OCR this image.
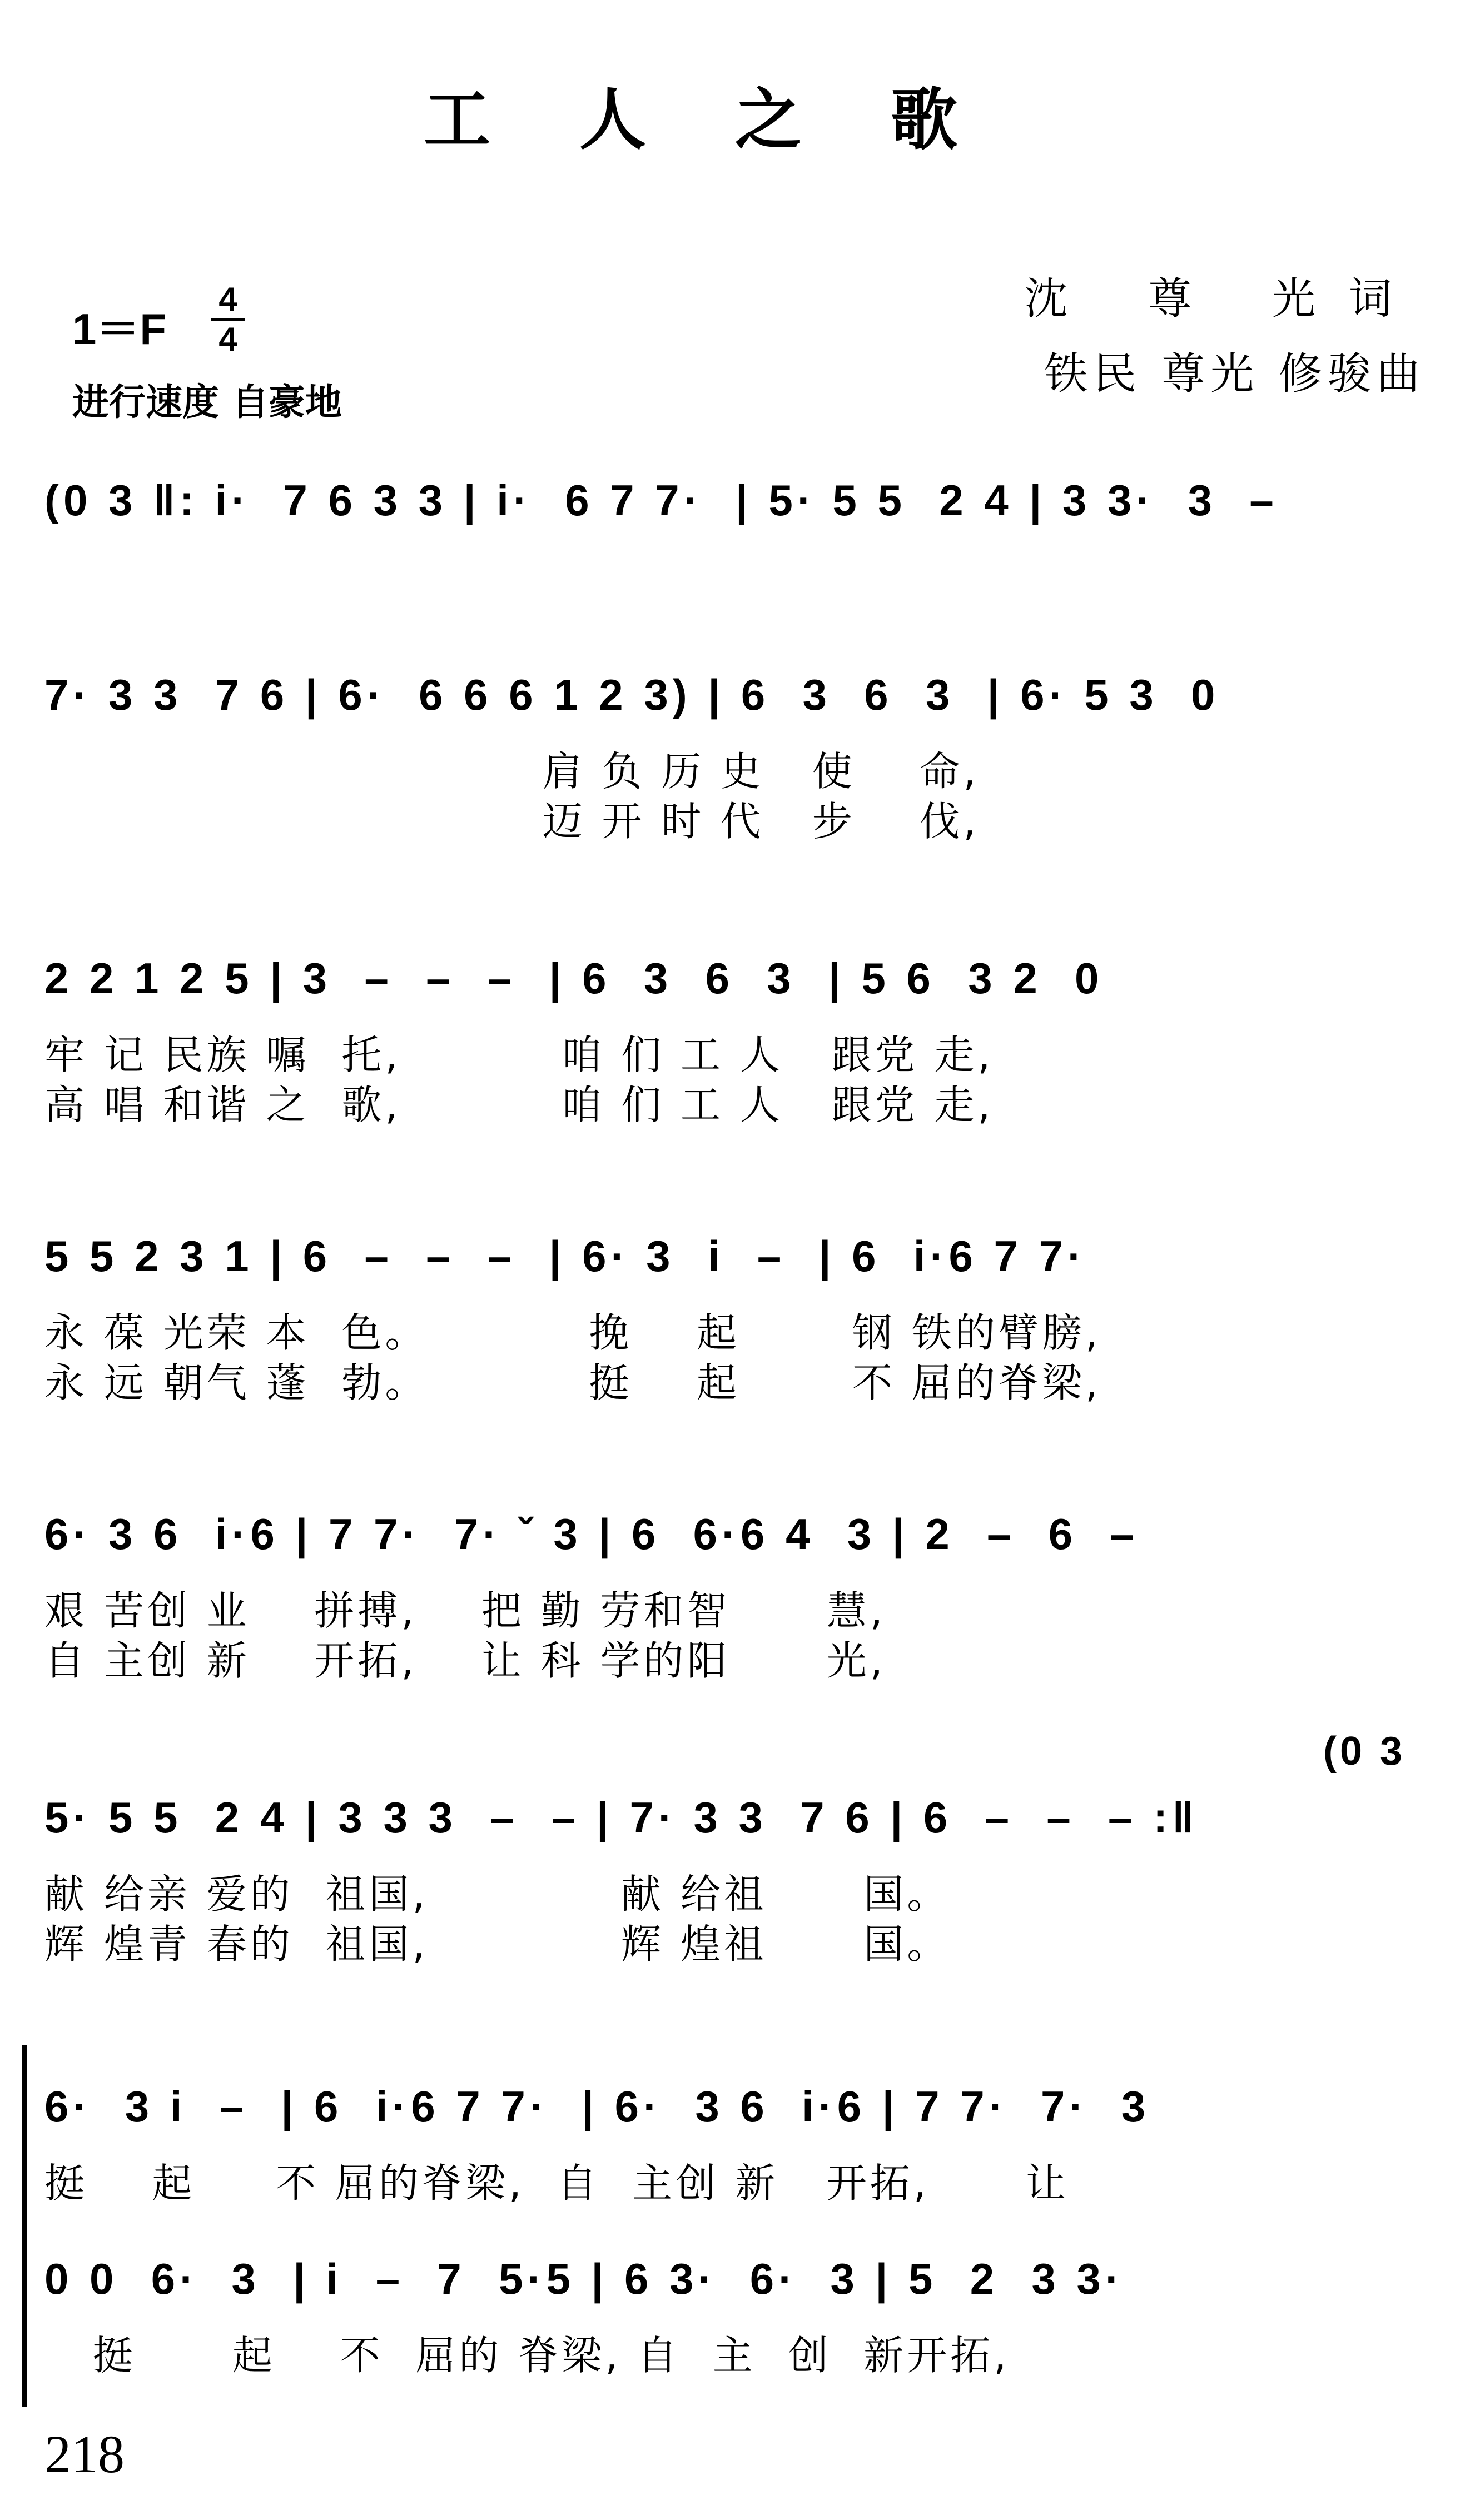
工人之歌
1＝F
4
4
进行速度 自豪地
沈 尊 光词
铁民 尊光 修骏曲
(0 3 ‖: i·  7 6 3 3 | i·  6 7 7·  | 5· 5 5  2 4 | 3 3·  3  –
7· 3 3  7 6 | 6·  6 6 6 1 2 3) | 6  3  6  3  | 6· 5 3  0
肩 负 历 史   使    命,
迈 开 时 代   步    伐,
2 2 1 2 5 | 3  –  –  –  | 6  3  6  3  | 5 6  3 2  0
牢 记 民族 嘱  托,          咱 们 工 人   跟党 走,
高 唱 和谐 之  歌,          咱 们 工 人   跟党 走,
5 5 2 3 1 | 6  –  –  –  | 6· 3  i  –  | 6  i·6 7 7·
永 葆 光荣 本  色。          挽    起       钢 铁的臂膀,
永 远 朝气 蓬  勃。          挺    起       不 屈的脊梁,
6· 3 6  i·6 | 7 7·  7· ˇ 3 | 6  6·6 4  3 | 2  –  6  –
艰 苦创 业    拼搏,    把 勤 劳和智      慧,
自 主创 新    开拓,    让 科 学的阳      光,
(0 3
5· 5 5  2 4 | 3 3 3  –  – | 7· 3 3  7 6 | 6  –  –  – :‖
献 给亲 爱的  祖国,            献 给祖      国。
辉 煌青 春的  祖国,            辉 煌祖      国。
6·  3 i  –  | 6  i·6 7 7·  | 6·  3 6  i·6 | 7 7·  7·  3
挺    起     不 屈的脊梁,  自  主创 新   开拓,      让
0 0  6·  3  | i  –  7  5·5 | 6 3·  6·  3 | 5  2  3 3·
挺      起    不  屈的 脊梁, 自  主  创  新开拓,
218
